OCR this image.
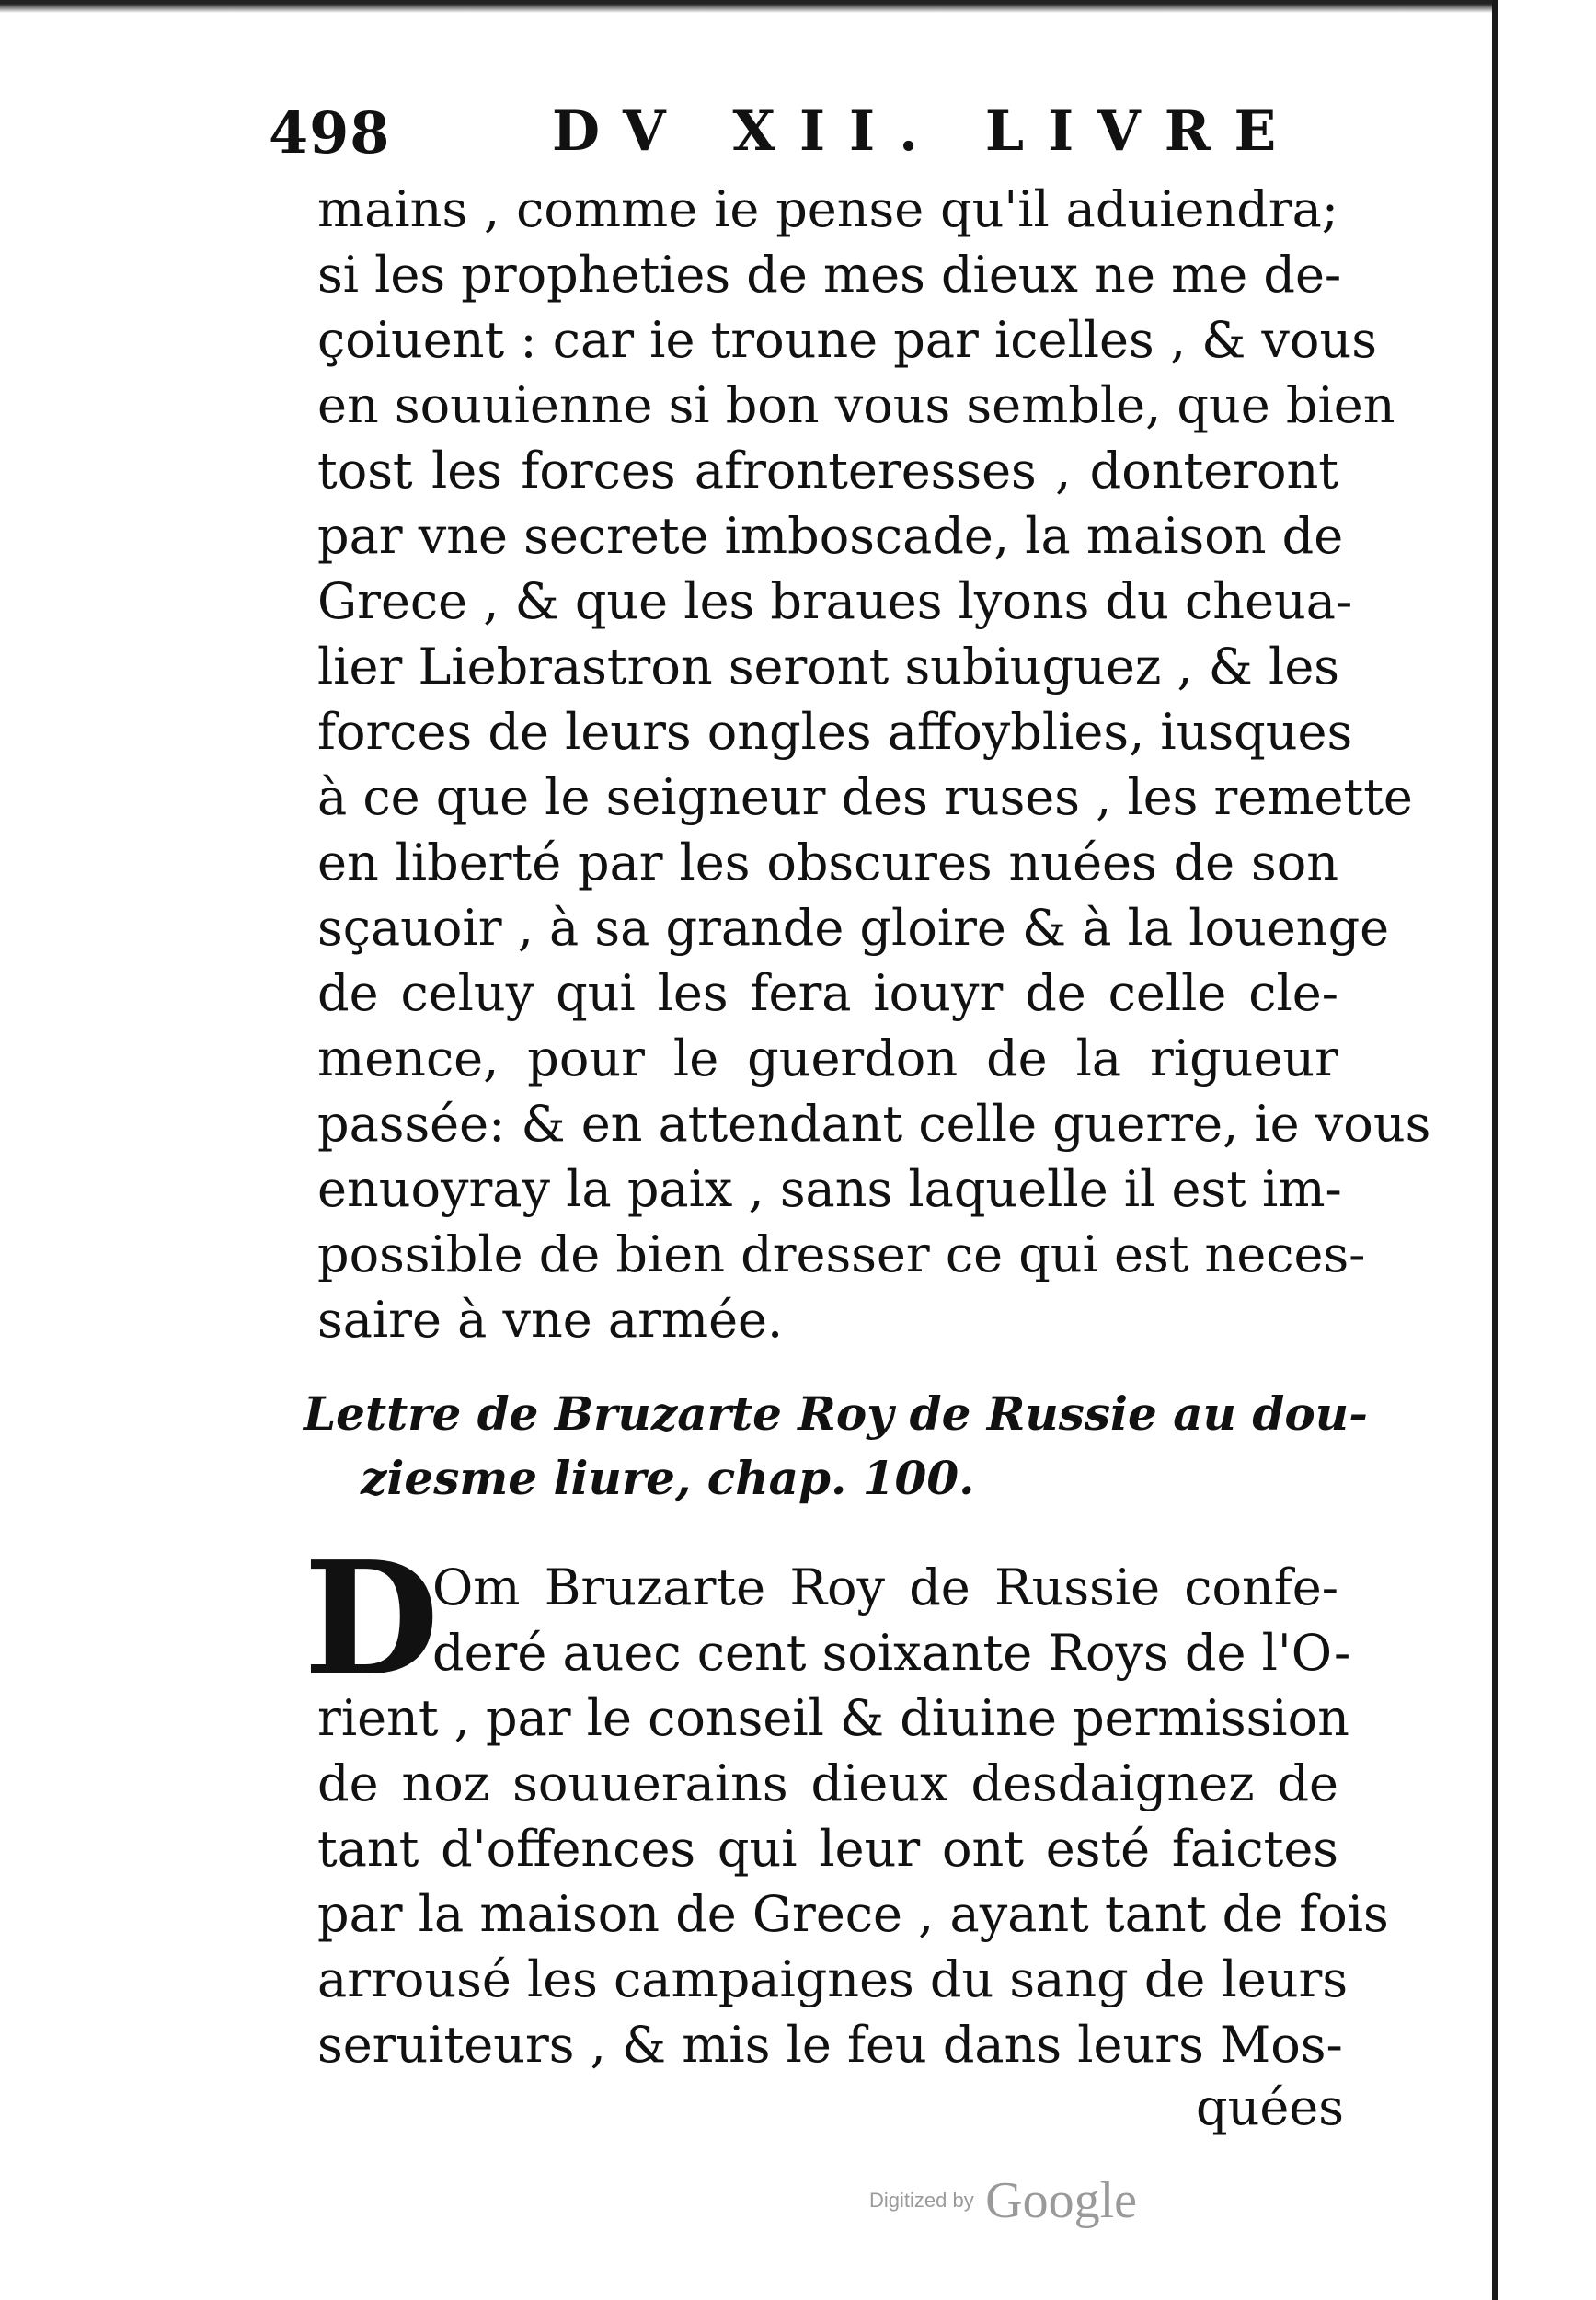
498	DV XII. LIVRE
mains , comme ie pense qu'il aduiendra;
si les propheties de mes dieux ne me de-
çoiuent : car ie troune par icelles , & vous
en souuienne si bon vous semble, que bien
tost les forces afronteresses , donteront
par vne secrete imboscade, la maison de
Grece , & que les braues lyons du cheua-
lier Liebrastron seront subiuguez , & les
forces de leurs ongles affoyblies, iusques
à ce que le seigneur des ruses , les remette
en liberté par les obscures nuées de son
sçauoir , à sa grande gloire & à la louenge
de celuy qui les fera iouyr de celle cle-
mence, pour le guerdon de la rigueur
passée: & en attendant celle guerre, ie vous
enuoyray la paix , sans laquelle il est im-
possible de bien dresser ce qui est neces-
saire à vne armée.
Lettre de Bruzarte Roy de Russie au dou-
ziesme liure, chap. 100.
D
Om Bruzarte Roy de Russie confe-
deré auec cent soixante Roys de l'O-
rient , par le conseil & diuine permission
de noz souuerains dieux desdaignez de
tant d'offences qui leur ont esté faictes
par la maison de Grece , ayant tant de fois
arrousé les campaignes du sang de leurs
seruiteurs , & mis le feu dans leurs Mos-
quées
Digitized by Google
